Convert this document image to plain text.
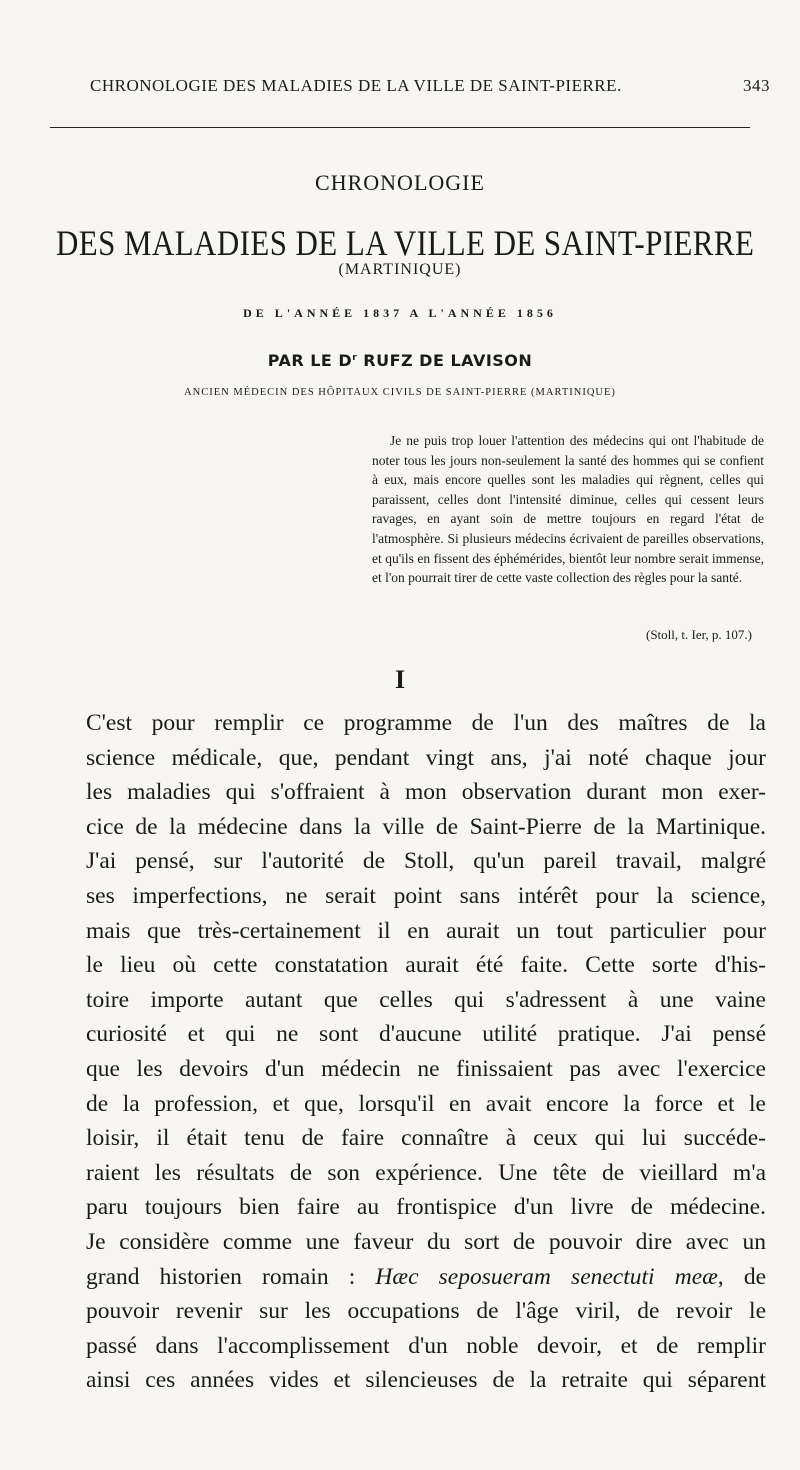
CHRONOLOGIE DES MALADIES DE LA VILLE DE SAINT-PIERRE.	343
CHRONOLOGIE
DES MALADIES DE LA VILLE DE SAINT-PIERRE
(MARTINIQUE)
DE L'ANNÉE 1837 A L'ANNÉE 1856
PAR LE $D^r$ RUFZ DE LAVISON
ANCIEN MÉDECIN DES HÔPITAUX CIVILS DE SAINT-PIERRE (MARTINIQUE)
Je ne puis trop louer l'attention des médecins qui ont l'habitude de noter tous les jours non-seulement la santé des hommes qui se confient à eux, mais encore quelles sont les maladies qui règnent, celles qui paraissent, celles dont l'intensité diminue, celles qui cessent leurs ravages, en ayant soin de mettre toujours en regard l'état de l'atmosphère. Si plusieurs médecins écrivaient de pareilles observations, et qu'ils en fissent des éphémérides, bientôt leur nombre serait immense, et l'on pourrait tirer de cette vaste collection des règles pour la santé.
(Stoll, t. Ier, p. 107.)
I
C'est pour remplir ce programme de l'un des maîtres de la
science médicale, que, pendant vingt ans, j'ai noté chaque jour
les maladies qui s'offraient à mon observation durant mon exer-
cice de la médecine dans la ville de Saint-Pierre de la Martinique.
J'ai pensé, sur l'autorité de Stoll, qu'un pareil travail, malgré
ses imperfections, ne serait point sans intérêt pour la science,
mais que très-certainement il en aurait un tout particulier pour
le lieu où cette constatation aurait été faite. Cette sorte d'his-
toire importe autant que celles qui s'adressent à une vaine
curiosité et qui ne sont d'aucune utilité pratique. J'ai pensé
que les devoirs d'un médecin ne finissaient pas avec l'exercice
de la profession, et que, lorsqu'il en avait encore la force et le
loisir, il était tenu de faire connaître à ceux qui lui succéde-
raient les résultats de son expérience. Une tête de vieillard m'a
paru toujours bien faire au frontispice d'un livre de médecine.
Je considère comme une faveur du sort de pouvoir dire avec un
grand historien romain : Hæc seposueram senectuti meæ, de
pouvoir revenir sur les occupations de l'âge viril, de revoir le
passé dans l'accomplissement d'un noble devoir, et de remplir
ainsi ces années vides et silencieuses de la retraite qui séparent
